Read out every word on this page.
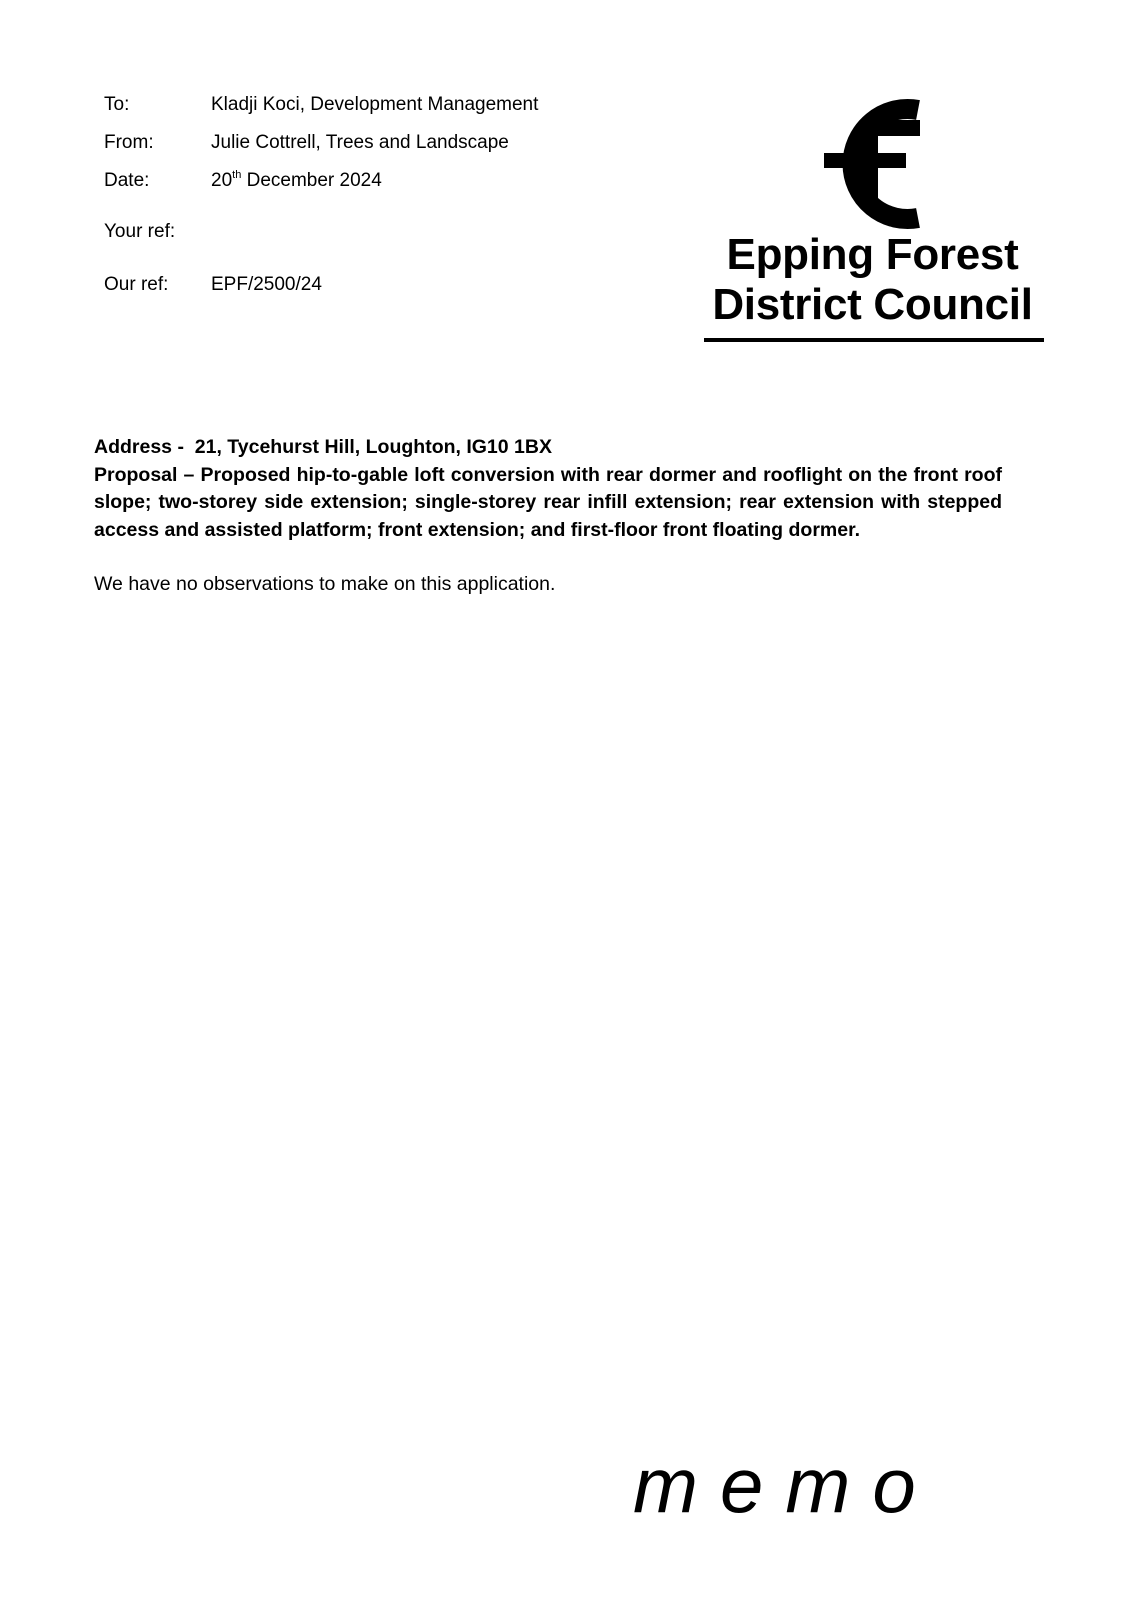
To:	Kladji Koci, Development Management
From:	Julie Cottrell, Trees and Landscape
Date:	20th December 2024
Your ref:
Our ref:	EPF/2500/24
Epping Forest
District Council
Address -  21, Tycehurst Hill, Loughton, IG10 1BX
Proposal – Proposed hip-to-gable loft conversion with rear dormer and rooflight on the front roof slope; two-storey side extension; single-storey rear infill extension; rear extension with stepped access and assisted platform; front extension; and first-floor front floating dormer.
We have no observations to make on this application.
memo
